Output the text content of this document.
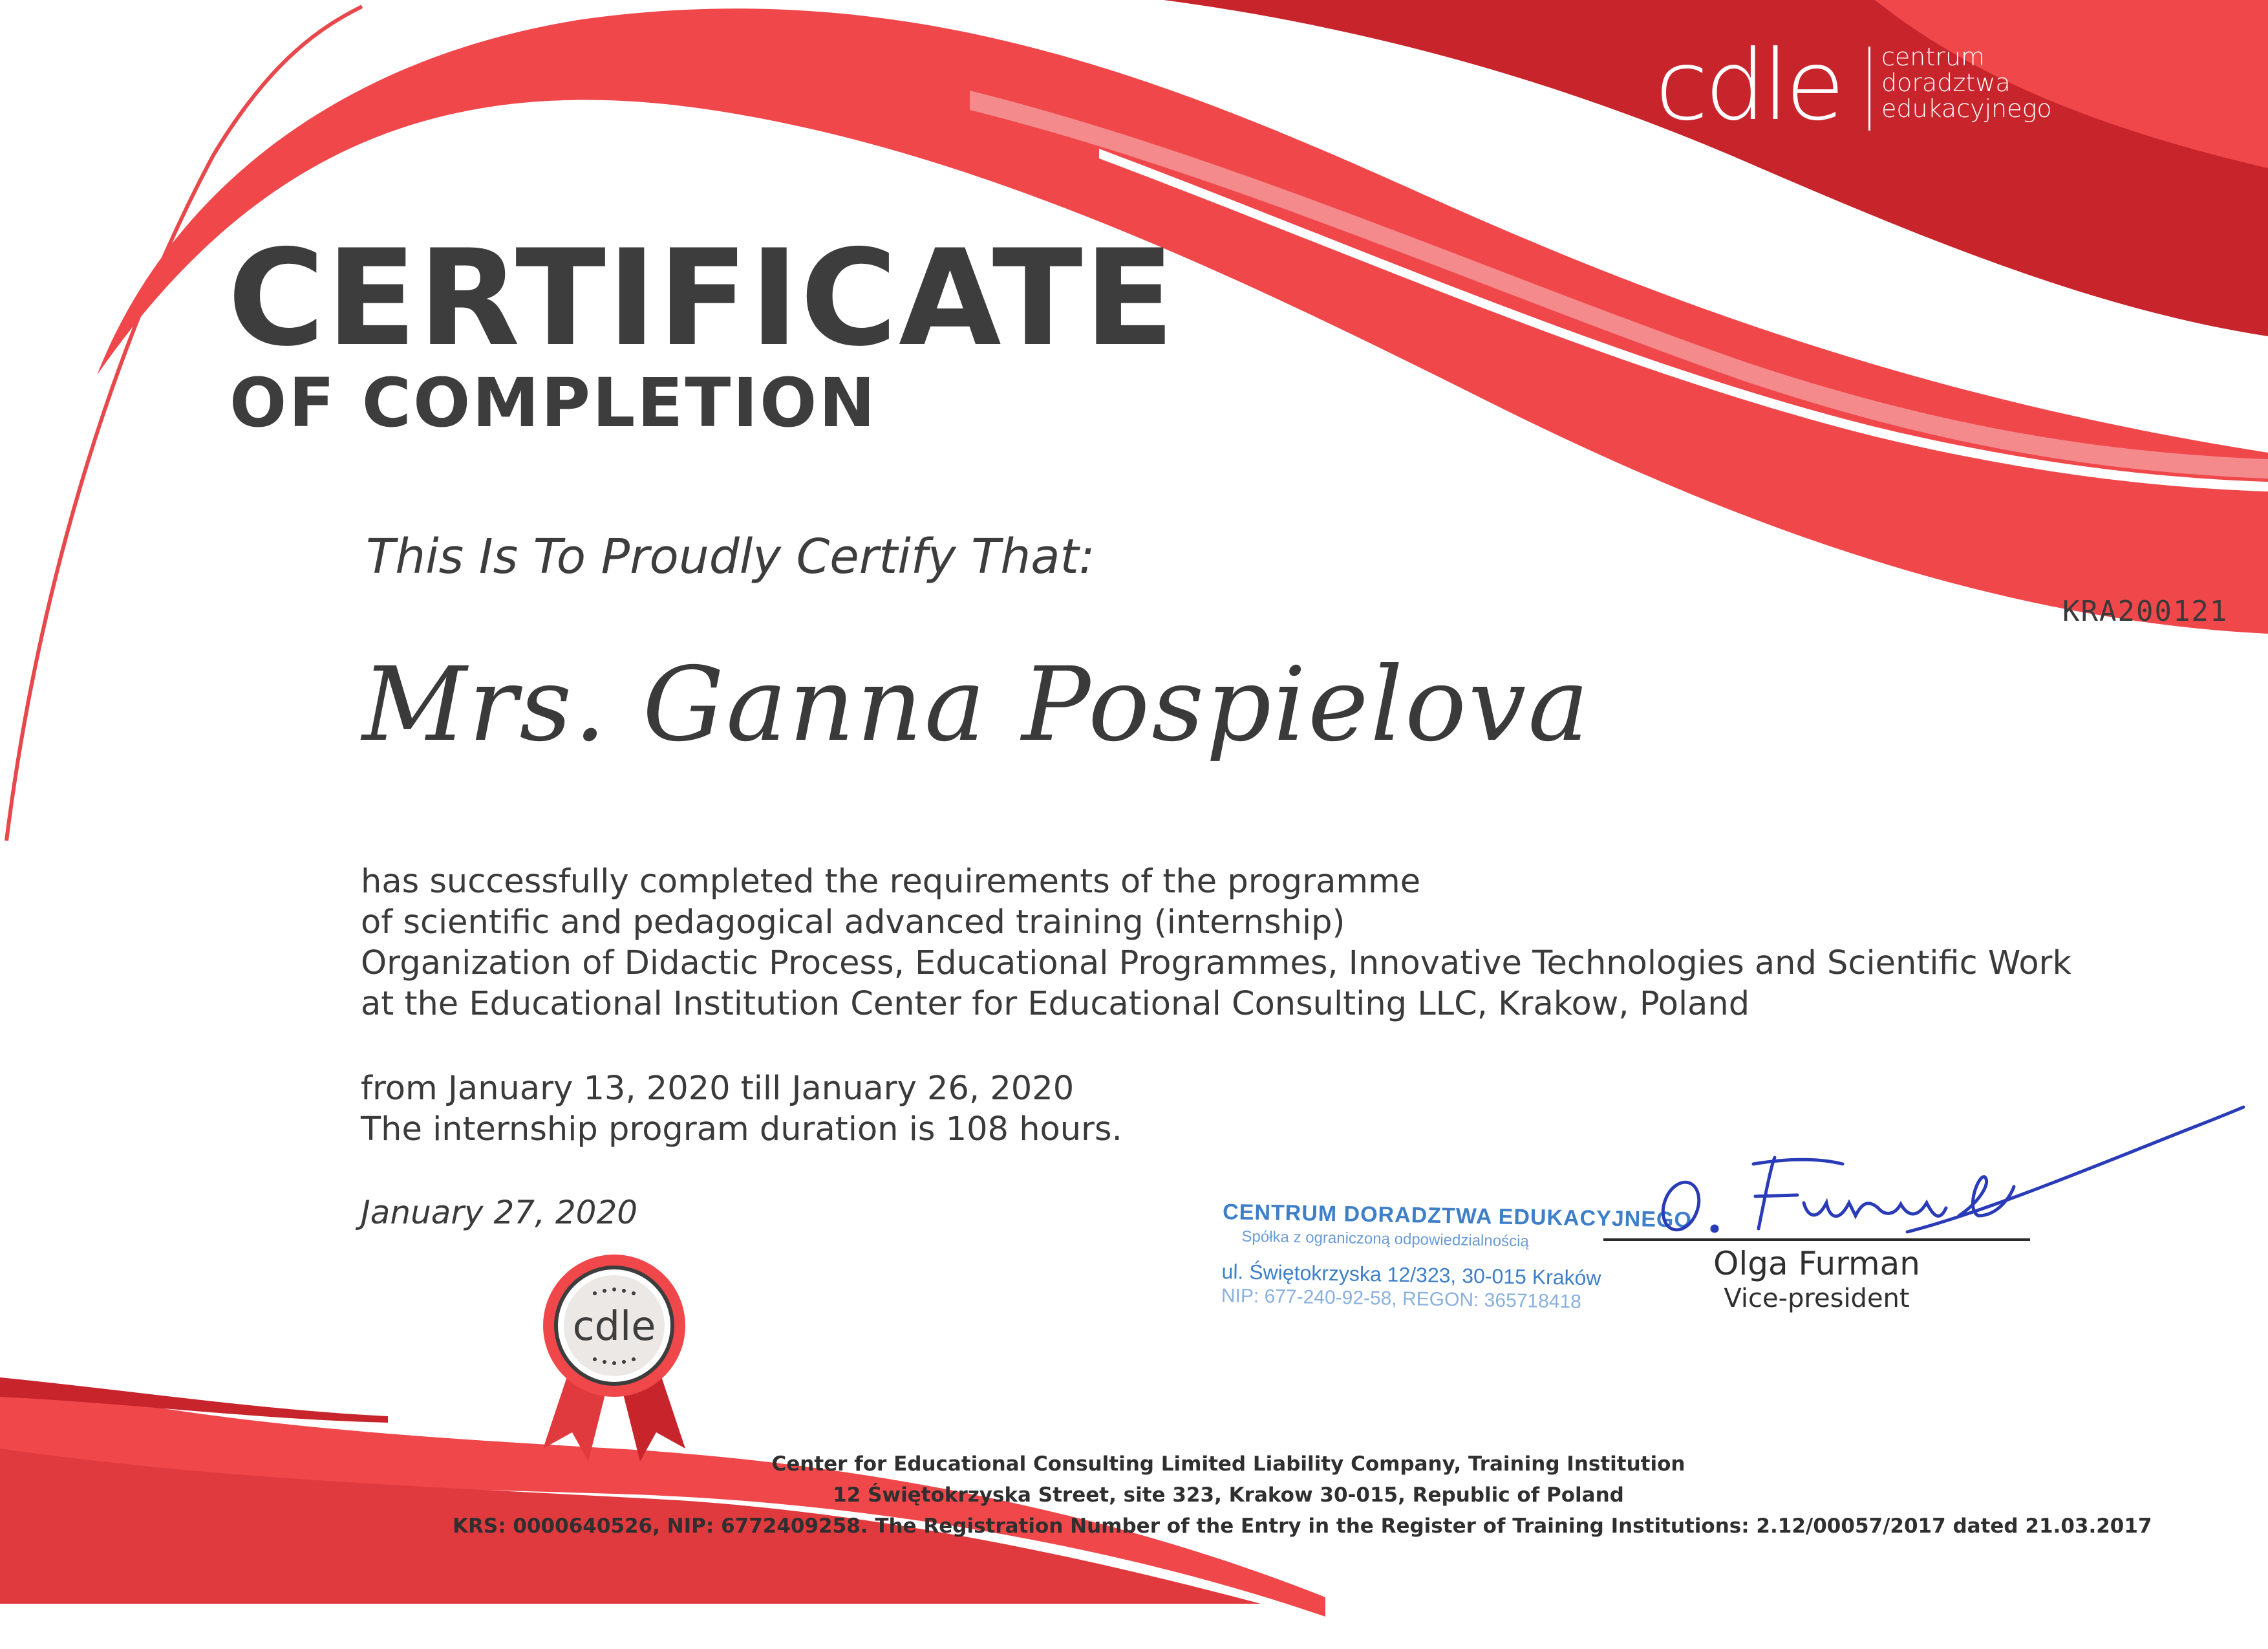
cdle centrum
doradztwa
edukacyjnego
CERTIFICATE
OF COMPLETION
KRA200121
This Is To Proudly Certify That:
Mrs. Ganna Pospielova
has successfully completed the requirements of the programme
of scientific and pedagogical advanced training (internship)
Organization of Didactic Process, Educational Programmes, Innovative Technologies and Scientific Work
at the Educational Institution Center for Educational Consulting LLC, Krakow, Poland
from January 13, 2020 till January 26, 2020
The internship program duration is 108 hours.
January 27, 2020	CENTRUM DORADZTWA EDUKACYJNEGO
Spółka z ograniczoną odpowiedzialnością
ul. Świętokrzyska 12/323, 30-015 Kraków
NIP: 677-240-92-58, REGON: 365718418
Olga Furman
Vice-president
cdle
Center for Educational Consulting Limited Liability Company, Training Institution
12 Świętokrzyska Street, site 323, Krakow 30-015, Republic of Poland
KRS: 0000640526, NIP: 6772409258. The Registration Number of the Entry in the Register of Training Institutions: 2.12/00057/2017 dated 21.03.2017
